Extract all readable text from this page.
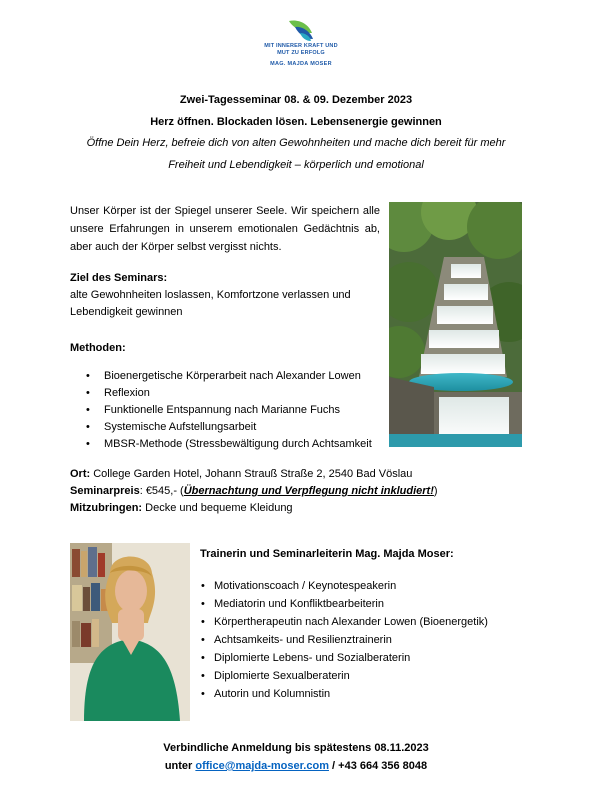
MIT INNERER KRAFT UND
MUT ZU ERFOLG
MAG. MAJDA MOSER
Zwei-Tagesseminar 08. & 09. Dezember 2023
Herz öffnen. Blockaden lösen. Lebensenergie gewinnen
Öffne Dein Herz, befreie dich von alten Gewohnheiten und mache dich bereit für mehr
Freiheit und Lebendigkeit – körperlich und emotional
Unser Körper ist der Spiegel unserer Seele. Wir speichern alle unsere Erfahrungen in unserem emotionalen Gedächtnis ab, aber auch der Körper selbst vergisst nichts.
Ziel des Seminars:
alte Gewohnheiten loslassen, Komfortzone verlassen und Lebendigkeit gewinnen
Methoden:
• Bioenergetische Körperarbeit nach Alexander Lowen
• Reflexion
• Funktionelle Entspannung nach Marianne Fuchs
• Systemische Aufstellungsarbeit
• MBSR-Methode (Stressbewältigung durch Achtsamkeit
Ort: College Garden Hotel, Johann Strauß Straße 2, 2540 Bad Vöslau
Seminarpreis: €545,- (Übernachtung und Verpflegung nicht inkludiert!)
Mitzubringen: Decke und bequeme Kleidung
Trainerin und Seminarleiterin Mag. Majda Moser:
• Motivationscoach / Keynotespeakerin
• Mediatorin und Konfliktbearbeiterin
• Körpertherapeutin nach Alexander Lowen (Bioenergetik)
• Achtsamkeits- und Resilienztrainerin
• Diplomierte Lebens- und Sozialberaterin
• Diplomierte Sexualberaterin
• Autorin und Kolumnistin
Verbindliche Anmeldung bis spätestens 08.11.2023
unter office@majda-moser.com / +43 664 356 8048
